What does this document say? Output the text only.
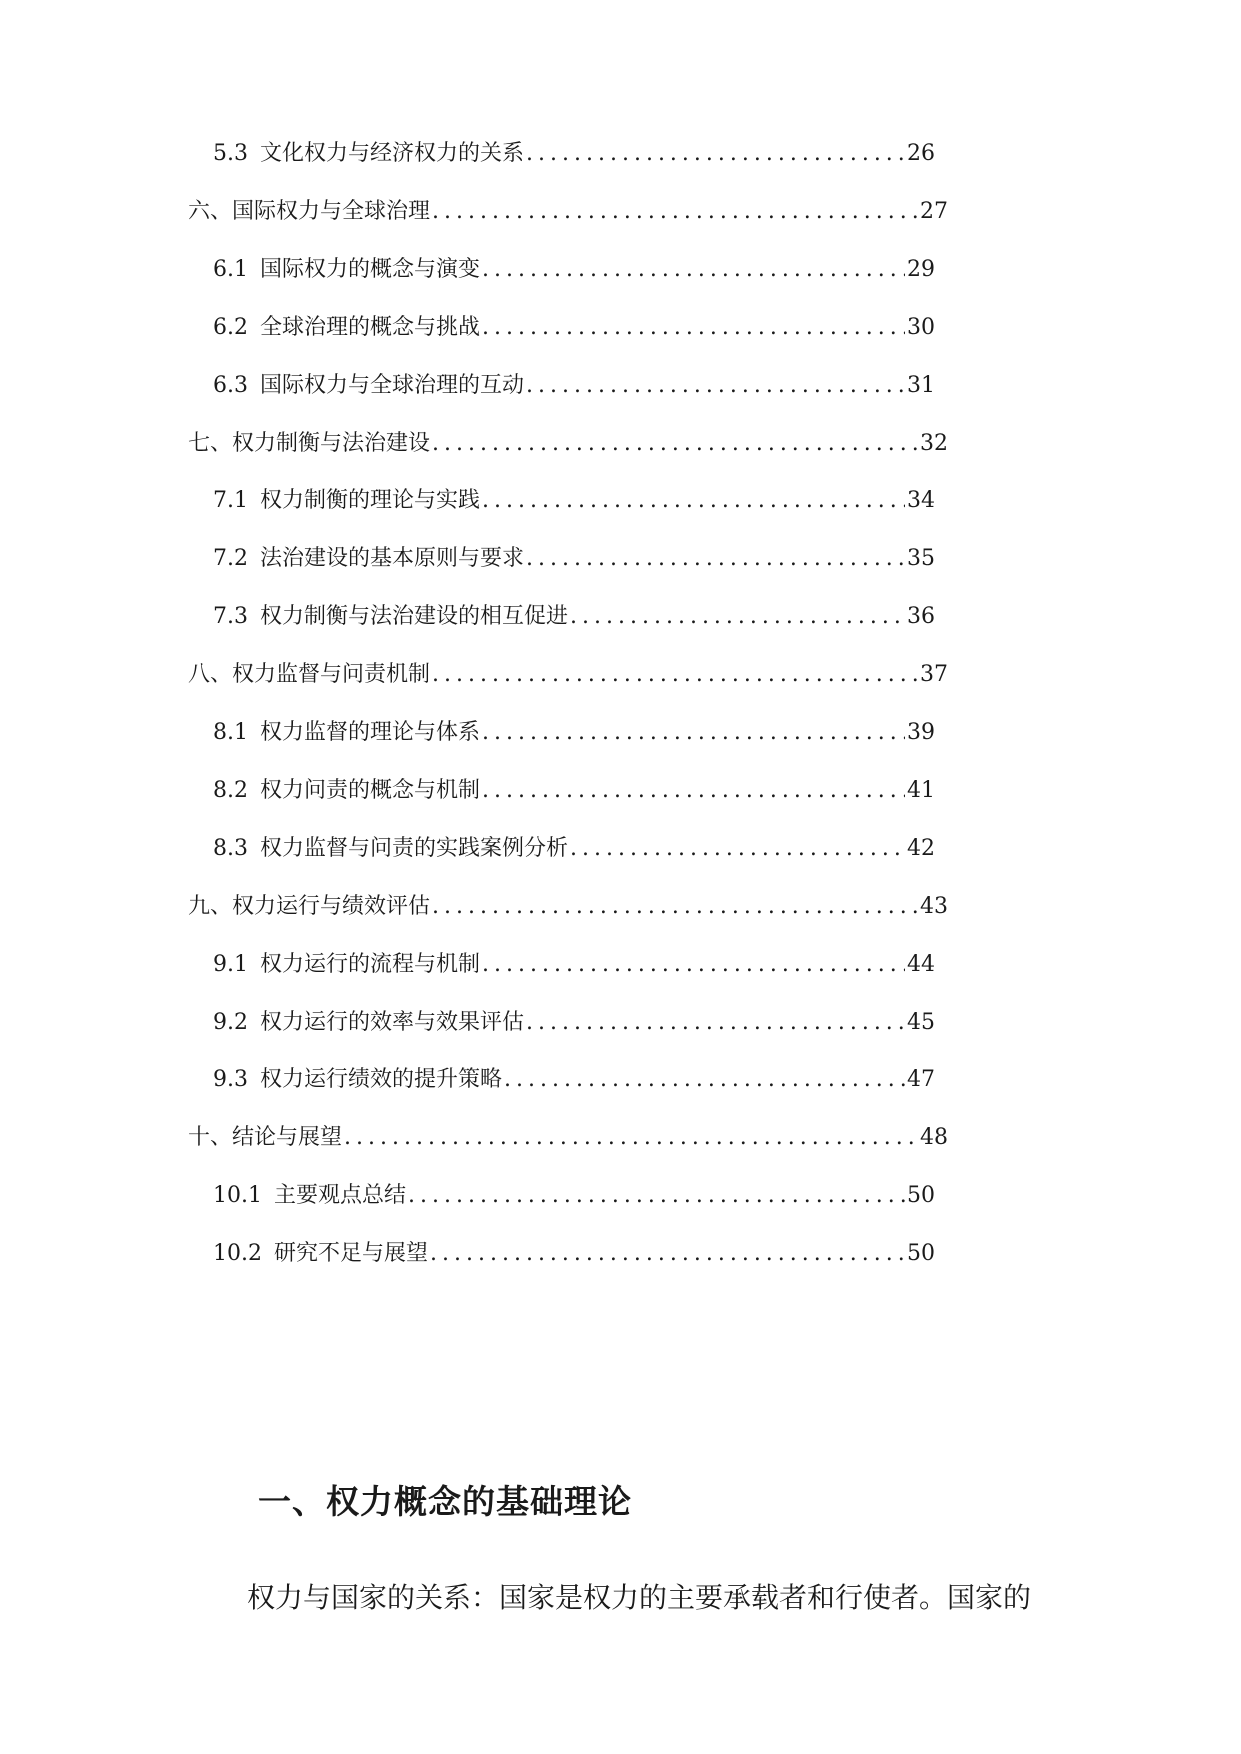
5.3 文化权力与经济权力的关系 .....	26
六、国际权力与全球治理 .....	27
6.1 国际权力的概念与演变 .....	29
6.2 全球治理的概念与挑战 .....	30
6.3 国际权力与全球治理的互动 .....	31
七、权力制衡与法治建设 .....	32
7.1 权力制衡的理论与实践 .....	34
7.2 法治建设的基本原则与要求 .....	35
7.3 权力制衡与法治建设的相互促进 .....	36
八、权力监督与问责机制 .....	37
8.1 权力监督的理论与体系 .....	39
8.2 权力问责的概念与机制 .....	41
8.3 权力监督与问责的实践案例分析 .....	42
九、权力运行与绩效评估 .....	43
9.1 权力运行的流程与机制 .....	44
9.2 权力运行的效率与效果评估 .....	45
9.3 权力运行绩效的提升策略 .....	47
十、结论与展望 .....	48
10.1 主要观点总结 .....	50
10.2 研究不足与展望 .....	50
一、权力概念的基础理论
权力与国家的关系：国家是权力的主要承载者和行使者。国家的
